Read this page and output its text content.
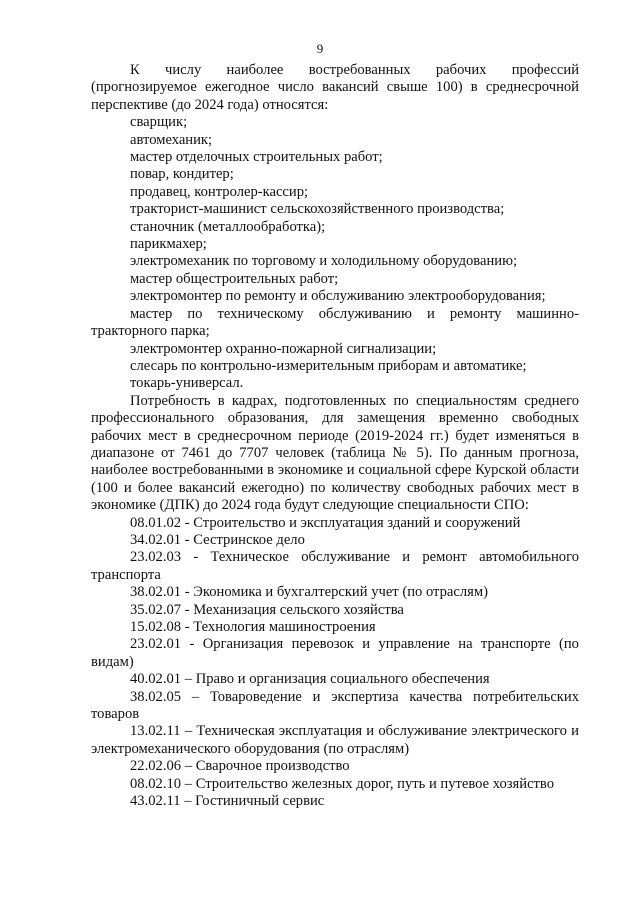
9

К числу наиболее востребованных рабочих профессий (прогнозируемое ежегодное число вакансий свыше 100) в среднесрочной перспективе (до 2024 года) относятся:

сварщик;

автомеханик;

мастер отделочных строительных работ;

повар, кондитер;

продавец, контролер-кассир;

тракторист-машинист сельскохозяйственного производства;

станочник (металлообработка);

парикмахер;

электромеханик по торговому и холодильному оборудованию;

мастер общестроительных работ;

электромонтер по ремонту и обслуживанию электрооборудования;

мастер по техническому обслуживанию и ремонту машинно-тракторного парка;

электромонтер охранно-пожарной сигнализации;

слесарь по контрольно-измерительным приборам и автоматике;

токарь-универсал.

Потребность в кадрах, подготовленных по специальностям среднего профессионального образования, для замещения временно свободных рабочих мест в среднесрочном периоде (2019-2024 гг.) будет изменяться в диапазоне от 7461 до 7707 человек (таблица № 5). По данным прогноза, наиболее востребованными в экономике и социальной сфере Курской области (100 и более вакансий ежегодно) по количеству свободных рабочих мест в экономике (ДПК) до 2024 года будут следующие специальности СПО:

08.01.02 - Строительство и эксплуатация зданий и сооружений

34.02.01 - Сестринское дело

23.02.03 - Техническое обслуживание и ремонт автомобильного транспорта

38.02.01 - Экономика и бухгалтерский учет (по отраслям)

35.02.07 - Механизация сельского хозяйства

15.02.08 - Технология машиностроения

23.02.01 - Организация перевозок и управление на транспорте (по видам)

40.02.01 – Право и организация социального обеспечения

38.02.05 – Товароведение и экспертиза качества потребительских товаров

13.02.11 – Техническая эксплуатация и обслуживание электрического и электромеханического оборудования (по отраслям)

22.02.06 – Сварочное производство

08.02.10 – Строительство железных дорог, путь и путевое хозяйство

43.02.11 – Гостиничный сервис
